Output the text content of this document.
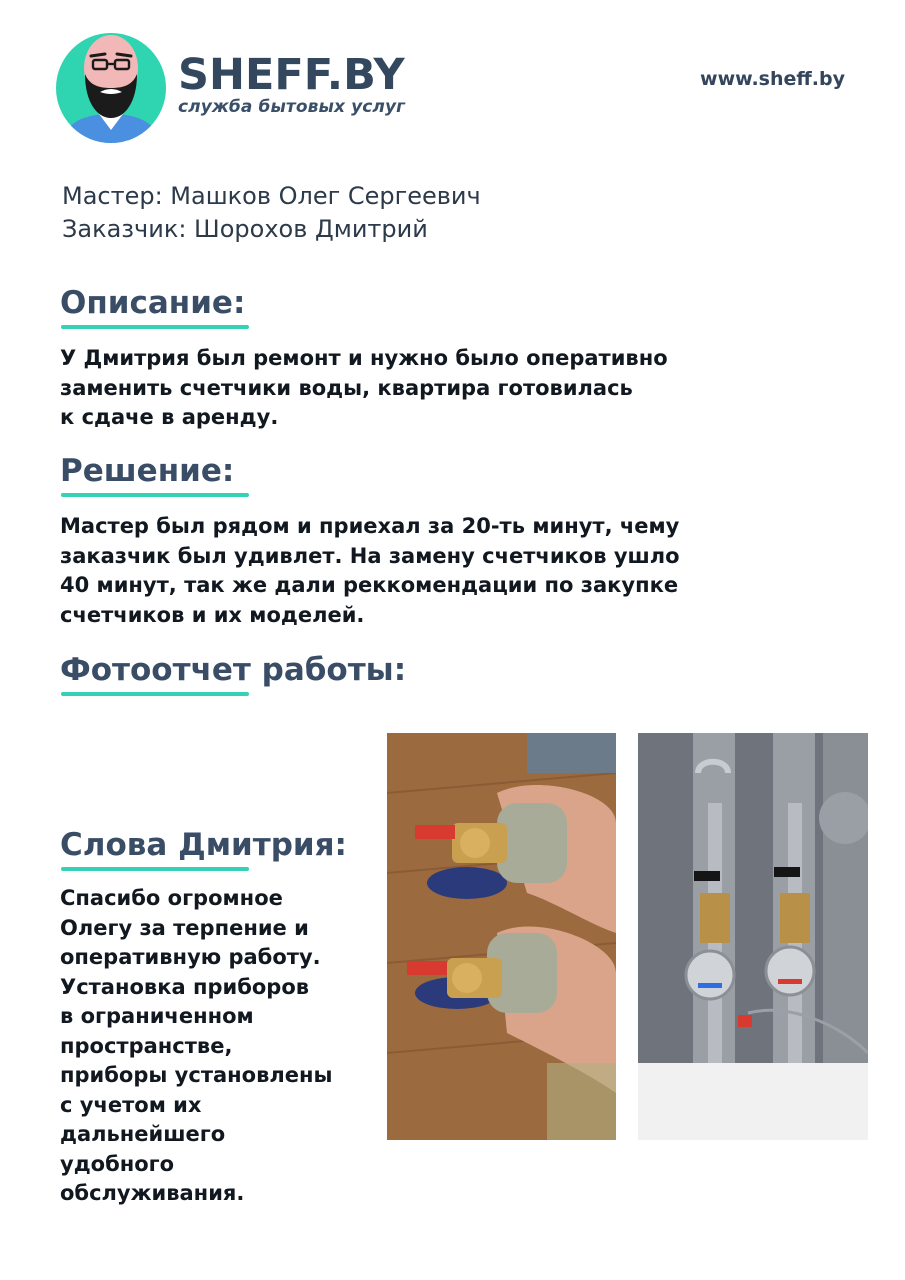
SHEFF.BY
служба бытовых услуг
www.sheff.by
Мастер: Машков Олег Сергеевич
Заказчик: Шорохов Дмитрий
Описание:
У Дмитрия был ремонт и нужно было оперативно
заменить счетчики воды, квартира готовилась
к сдаче в аренду.
Решение:
Мастер был рядом и приехал за 20-ть минут, чему
заказчик был удивлет. На замену счетчиков ушло
40 минут, так же дали реккомендации по закупке
счетчиков и их моделей.
Фотоотчет работы:
Слова Дмитрия:
Спасибо огромное
Олегу за терпение и
оперативную работу.
Установка приборов
в ограниченном
пространстве,
приборы установлены
с учетом их
дальнейшего
удобного
обслуживания.
